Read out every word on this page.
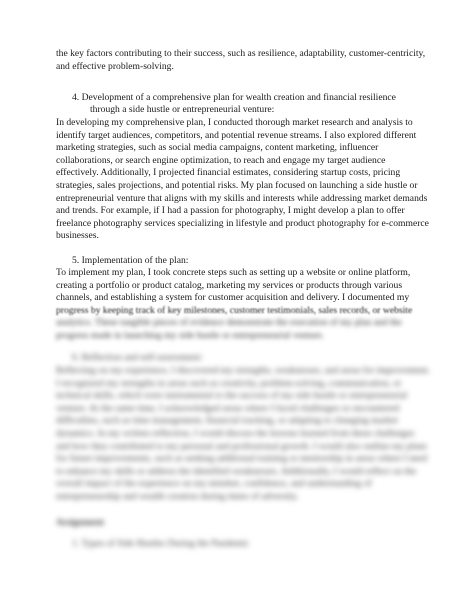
the key factors contributing to their success, such as resilience, adaptability, customer-centricity,
and effective problem-solving.
4. Development of a comprehensive plan for wealth creation and financial resilience
through a side hustle or entrepreneurial venture:
In developing my comprehensive plan, I conducted thorough market research and analysis to
identify target audiences, competitors, and potential revenue streams. I also explored different
marketing strategies, such as social media campaigns, content marketing, influencer
collaborations, or search engine optimization, to reach and engage my target audience
effectively. Additionally, I projected financial estimates, considering startup costs, pricing
strategies, sales projections, and potential risks. My plan focused on launching a side hustle or
entrepreneurial venture that aligns with my skills and interests while addressing market demands
and trends. For example, if I had a passion for photography, I might develop a plan to offer
freelance photography services specializing in lifestyle and product photography for e-commerce
businesses.
5. Implementation of the plan:
To implement my plan, I took concrete steps such as setting up a website or online platform,
creating a portfolio or product catalog, marketing my services or products through various
channels, and establishing a system for customer acquisition and delivery. I documented my
progress by keeping track of key milestones, customer testimonials, sales records, or website
analytics. These tangible pieces of evidence demonstrate the execution of my plan and the
progress made in launching my side hustle or entrepreneurial venture.
6. Reflection and self-assessment:
Reflecting on my experience, I discovered my strengths, weaknesses, and areas for improvement.
I recognized my strengths in areas such as creativity, problem-solving, communication, or
technical skills, which were instrumental to the success of my side hustle or entrepreneurial
venture. At the same time, I acknowledged areas where I faced challenges or encountered
difficulties, such as time management, financial tracking, or adapting to changing market
dynamics. In my written reflection, I would discuss the lessons learned from these challenges
and how they contributed to my personal and professional growth. I would also outline my plans
for future improvements, such as seeking additional training or mentorship in areas where I need
to enhance my skills or address the identified weaknesses. Additionally, I would reflect on the
overall impact of the experience on my mindset, confidence, and understanding of
entrepreneurship and wealth creation during times of adversity.
Assignment
1. Types of Side Hustles During the Pandemic
